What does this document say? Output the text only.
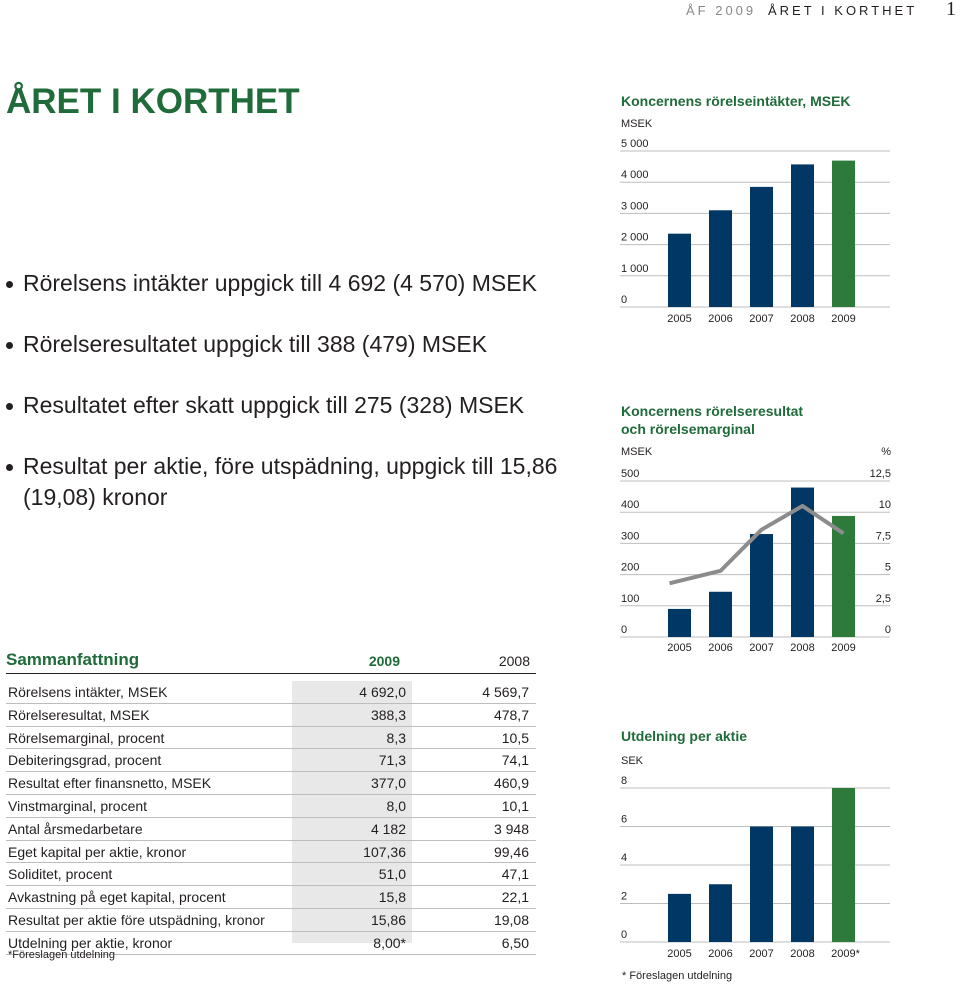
ÅF 2009 ÅRET I KORTHET 1
ÅRET I KORTHET
Rörelsens intäkter uppgick till 4 692 (4 570) MSEK
Rörelseresultatet uppgick till 388 (479) MSEK
Resultatet efter skatt uppgick till 275 (328) MSEK
Resultat per aktie, före utspädning, uppgick till 15,86 (19,08) kronor
Sammanfattning	2009	2008
Rörelsens intäkter, MSEK	4 692,0	4 569,7
Rörelseresultat, MSEK	388,3	478,7
Rörelsemarginal, procent	8,3	10,5
Debiteringsgrad, procent	71,3	74,1
Resultat efter finansnetto, MSEK	377,0	460,9
Vinstmarginal, procent	8,0	10,1
Antal årsmedarbetare	4 182	3 948
Eget kapital per aktie, kronor	107,36	99,46
Soliditet, procent	51,0	47,1
Avkastning på eget kapital, procent	15,8	22,1
Resultat per aktie före utspädning, kronor	15,86	19,08
Utdelning per aktie, kronor	8,00*	6,50
*Föreslagen utdelning
Koncernens rörelseintäkter, MSEK
Koncernens rörelseresultat
och rörelsemarginal
Utdelning per aktie
* Föreslagen utdelning
MSEK
0
1 000
2 000
3 000
4 000
5 000
2005 2006 2007 2008 2009
MSEK	%
0	0
100	2,5
200	5
300	7,5
400	10
500	12,5
2005 2006 2007 2008 2009
SEK
0
2
4
6
8
2005 2006 2007 2008 2009*
